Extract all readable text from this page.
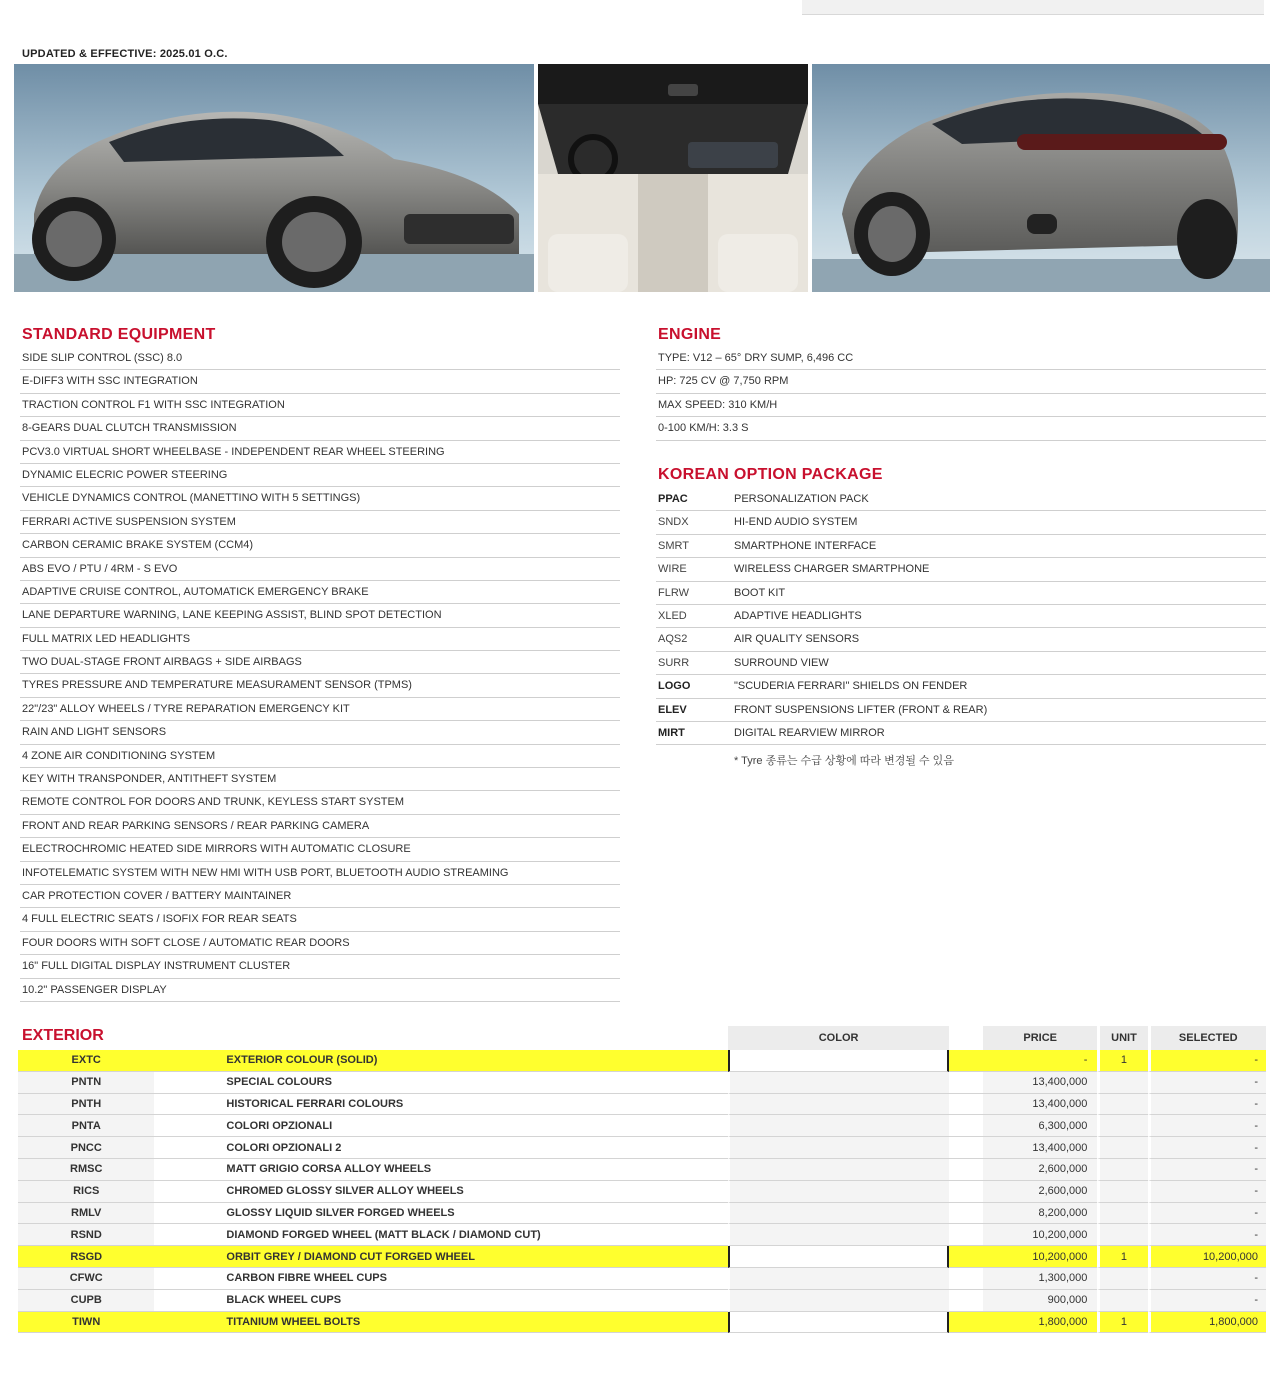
UPDATED & EFFECTIVE: 2025.01 O.C.
STANDARD EQUIPMENT
SIDE SLIP CONTROL (SSC) 8.0
E-DIFF3 WITH SSC INTEGRATION
TRACTION CONTROL F1 WITH SSC INTEGRATION
8-GEARS DUAL CLUTCH TRANSMISSION
PCV3.0 VIRTUAL SHORT WHEELBASE - INDEPENDENT REAR WHEEL STEERING
DYNAMIC ELECRIC POWER STEERING
VEHICLE DYNAMICS CONTROL (MANETTINO WITH 5 SETTINGS)
FERRARI ACTIVE SUSPENSION SYSTEM
CARBON CERAMIC BRAKE SYSTEM (CCM4)
ABS EVO / PTU / 4RM - S EVO
ADAPTIVE CRUISE CONTROL, AUTOMATICK EMERGENCY BRAKE
LANE DEPARTURE WARNING, LANE KEEPING ASSIST, BLIND SPOT DETECTION
FULL MATRIX LED HEADLIGHTS
TWO DUAL-STAGE FRONT AIRBAGS + SIDE AIRBAGS
TYRES PRESSURE AND TEMPERATURE MEASURAMENT SENSOR (TPMS)
22"/23" ALLOY WHEELS / TYRE REPARATION EMERGENCY KIT
RAIN AND LIGHT SENSORS
4 ZONE AIR CONDITIONING SYSTEM
KEY WITH TRANSPONDER, ANTITHEFT SYSTEM
REMOTE CONTROL FOR DOORS AND TRUNK, KEYLESS START SYSTEM
FRONT AND REAR PARKING SENSORS / REAR PARKING CAMERA
ELECTROCHROMIC HEATED SIDE MIRRORS WITH AUTOMATIC CLOSURE
INFOTELEMATIC SYSTEM WITH NEW HMI WITH USB PORT, BLUETOOTH AUDIO STREAMING
CAR PROTECTION COVER / BATTERY MAINTAINER
4 FULL ELECTRIC SEATS / ISOFIX FOR REAR SEATS
FOUR DOORS WITH SOFT CLOSE / AUTOMATIC REAR DOORS
16" FULL DIGITAL DISPLAY INSTRUMENT CLUSTER
10.2" PASSENGER DISPLAY
ENGINE
TYPE: V12 – 65° DRY SUMP, 6,496 CC
HP: 725 CV @ 7,750 RPM
MAX SPEED: 310 KM/H
0-100 KM/H: 3.3 S
KOREAN OPTION PACKAGE
PPAC	PERSONALIZATION PACK
SNDX	HI-END AUDIO SYSTEM
SMRT	SMARTPHONE INTERFACE
WIRE	WIRELESS CHARGER SMARTPHONE
FLRW	BOOT KIT
XLED	ADAPTIVE HEADLIGHTS
AQS2	AIR QUALITY SENSORS
SURR	SURROUND VIEW
LOGO	"SCUDERIA FERRARI" SHIELDS ON FENDER
ELEV	FRONT SUSPENSIONS LIFTER (FRONT & REAR)
MIRT	DIGITAL REARVIEW MIRROR
* Tyre 종류는 수급 상황에 따라 변경될 수 있음
EXTERIOR
			COLOR		PRICE	UNIT	SELECTED
EXTC		EXTERIOR COLOUR (SOLID)			-	1	-
PNTN		SPECIAL COLOURS			13,400,000		-
PNTH		HISTORICAL FERRARI COLOURS			13,400,000		-
PNTA		COLORI OPZIONALI			6,300,000		-
PNCC		COLORI OPZIONALI 2			13,400,000		-
RMSC		MATT GRIGIO CORSA ALLOY WHEELS			2,600,000		-
RICS		CHROMED GLOSSY SILVER ALLOY WHEELS			2,600,000		-
RMLV		GLOSSY LIQUID SILVER FORGED WHEELS			8,200,000		-
RSND		DIAMOND FORGED WHEEL (MATT BLACK / DIAMOND CUT)			10,200,000		-
RSGD		ORBIT GREY / DIAMOND CUT FORGED WHEEL			10,200,000	1	10,200,000
CFWC		CARBON FIBRE WHEEL CUPS			1,300,000		-
CUPB		BLACK WHEEL CUPS			900,000		-
TIWN		TITANIUM WHEEL BOLTS			1,800,000	1	1,800,000
